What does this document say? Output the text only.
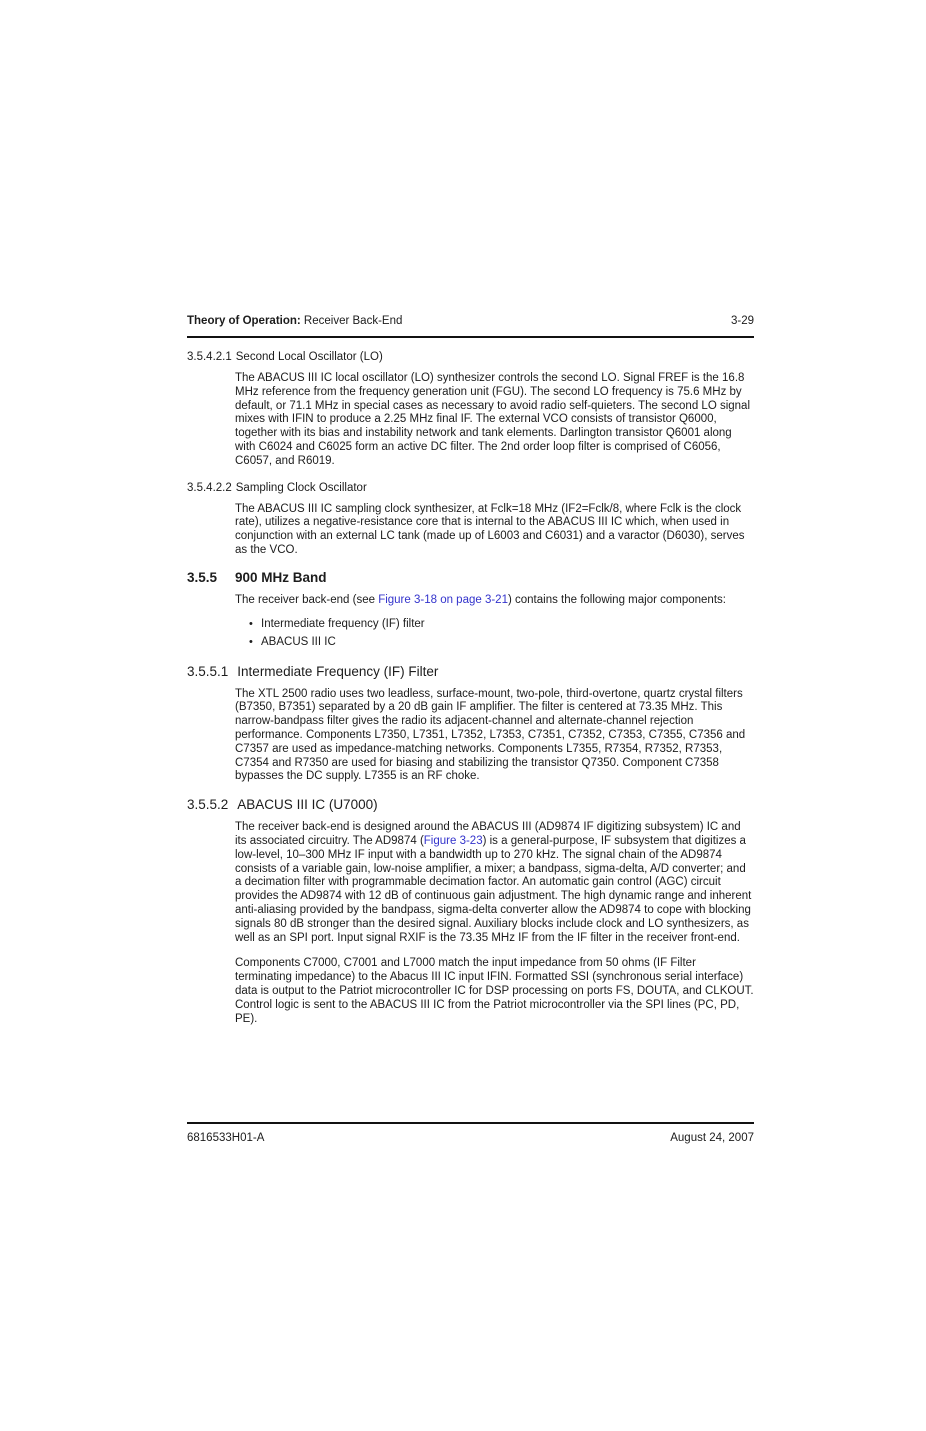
Theory of Operation: Receiver Back-End	3-29
3.5.4.2.1 Second Local Oscillator (LO)

The ABACUS III IC local oscillator (LO) synthesizer controls the second LO. Signal FREF is the 16.8 MHz reference from the frequency generation unit (FGU). The second LO frequency is 75.6 MHz by default, or 71.1 MHz in special cases as necessary to avoid radio self-quieters. The second LO signal mixes with IFIN to produce a 2.25 MHz final IF. The external VCO consists of transistor Q6000, together with its bias and instability network and tank elements. Darlington transistor Q6001 along with C6024 and C6025 form an active DC filter. The 2nd order loop filter is comprised of C6056, C6057, and R6019.

3.5.4.2.2 Sampling Clock Oscillator

The ABACUS III IC sampling clock synthesizer, at Fclk=18 MHz (IF2=Fclk/8, where Fclk is the clock rate), utilizes a negative-resistance core that is internal to the ABACUS III IC which, when used in conjunction with an external LC tank (made up of L6003 and C6031) and a varactor (D6030), serves as the VCO.

3.5.5 900 MHz Band

The receiver back-end (see Figure 3-18 on page 3-21) contains the following major components:

• Intermediate frequency (IF) filter
• ABACUS III IC
3.5.5.1 Intermediate Frequency (IF) Filter

The XTL 2500 radio uses two leadless, surface-mount, two-pole, third-overtone, quartz crystal filters (B7350, B7351) separated by a 20 dB gain IF amplifier. The filter is centered at 73.35 MHz. This narrow-bandpass filter gives the radio its adjacent-channel and alternate-channel rejection performance. Components L7350, L7351, L7352, L7353, C7351, C7352, C7353, C7355, C7356 and C7357 are used as impedance-matching networks. Components L7355, R7354, R7352, R7353, C7354 and R7350 are used for biasing and stabilizing the transistor Q7350. Component C7358 bypasses the DC supply. L7355 is an RF choke.

3.5.5.2 ABACUS III IC (U7000)

The receiver back-end is designed around the ABACUS III (AD9874 IF digitizing subsystem) IC and its associated circuitry. The AD9874 (Figure 3-23) is a general-purpose, IF subsystem that digitizes a low-level, 10–300 MHz IF input with a bandwidth up to 270 kHz. The signal chain of the AD9874 consists of a variable gain, low-noise amplifier, a mixer; a bandpass, sigma-delta, A/D converter; and a decimation filter with programmable decimation factor. An automatic gain control (AGC) circuit provides the AD9874 with 12 dB of continuous gain adjustment. The high dynamic range and inherent anti-aliasing provided by the bandpass, sigma-delta converter allow the AD9874 to cope with blocking signals 80 dB stronger than the desired signal. Auxiliary blocks include clock and LO synthesizers, as well as an SPI port. Input signal RXIF is the 73.35 MHz IF from the IF filter in the receiver front-end.

Components C7000, C7001 and L7000 match the input impedance from 50 ohms (IF Filter terminating impedance) to the Abacus III IC input IFIN. Formatted SSI (synchronous serial interface) data is output to the Patriot microcontroller IC for DSP processing on ports FS, DOUTA, and CLKOUT. Control logic is sent to the ABACUS III IC from the Patriot microcontroller via the SPI lines (PC, PD, PE).

6816533H01-A	August 24, 2007
